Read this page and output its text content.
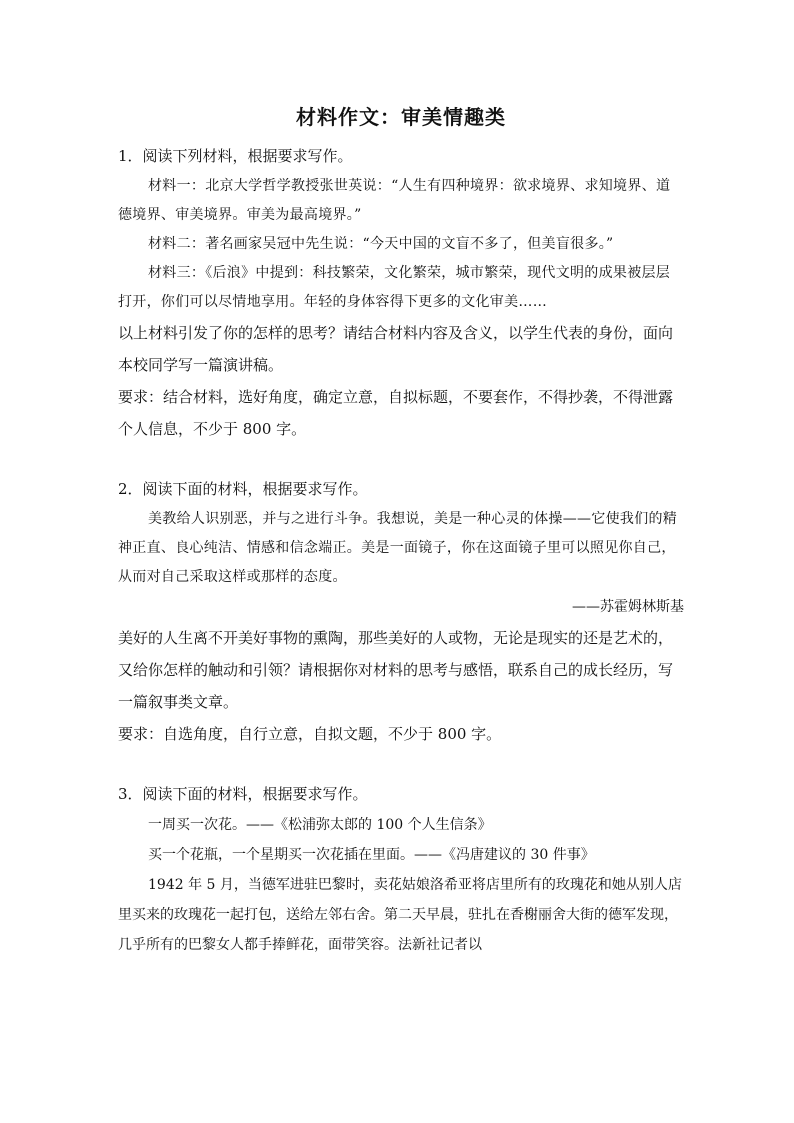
材料作文：审美情趣类

1．阅读下列材料，根据要求写作。

材料一：北京大学哲学教授张世英说：“人生有四种境界：欲求境界、求知境界、道德境界、审美境界。审美为最高境界。”

材料二：著名画家吴冠中先生说：“今天中国的文盲不多了，但美盲很多。”

材料三：《后浪》中提到：科技繁荣，文化繁荣，城市繁荣，现代文明的成果被层层打开，你们可以尽情地享用。年轻的身体容得下更多的文化审美……

以上材料引发了你的怎样的思考？请结合材料内容及含义，以学生代表的身份，面向本校同学写一篇演讲稿。

要求：结合材料，选好角度，确定立意，自拟标题，不要套作，不得抄袭，不得泄露个人信息，不少于 800 字。

2．阅读下面的材料，根据要求写作。

美教给人识别恶，并与之进行斗争。我想说，美是一种心灵的体操——它使我们的精神正直、良心纯洁、情感和信念端正。美是一面镜子，你在这面镜子里可以照见你自己，从而对自己采取这样或那样的态度。

——苏霍姆林斯基

美好的人生离不开美好事物的熏陶，那些美好的人或物，无论是现实的还是艺术的，又给你怎样的触动和引领？请根据你对材料的思考与感悟，联系自己的成长经历，写一篇叙事类文章。

要求：自选角度，自行立意，自拟文题，不少于 800 字。

3．阅读下面的材料，根据要求写作。

一周买一次花。——《松浦弥太郎的 100 个人生信条》

买一个花瓶，一个星期买一次花插在里面。——《冯唐建议的 30 件事》

1942 年 5 月，当德军进驻巴黎时，卖花姑娘洛希亚将店里所有的玫瑰花和她从别人店里买来的玫瑰花一起打包，送给左邻右舍。第二天早晨，驻扎在香榭丽舍大街的德军发现，几乎所有的巴黎女人都手捧鲜花，面带笑容。法新社记者以
